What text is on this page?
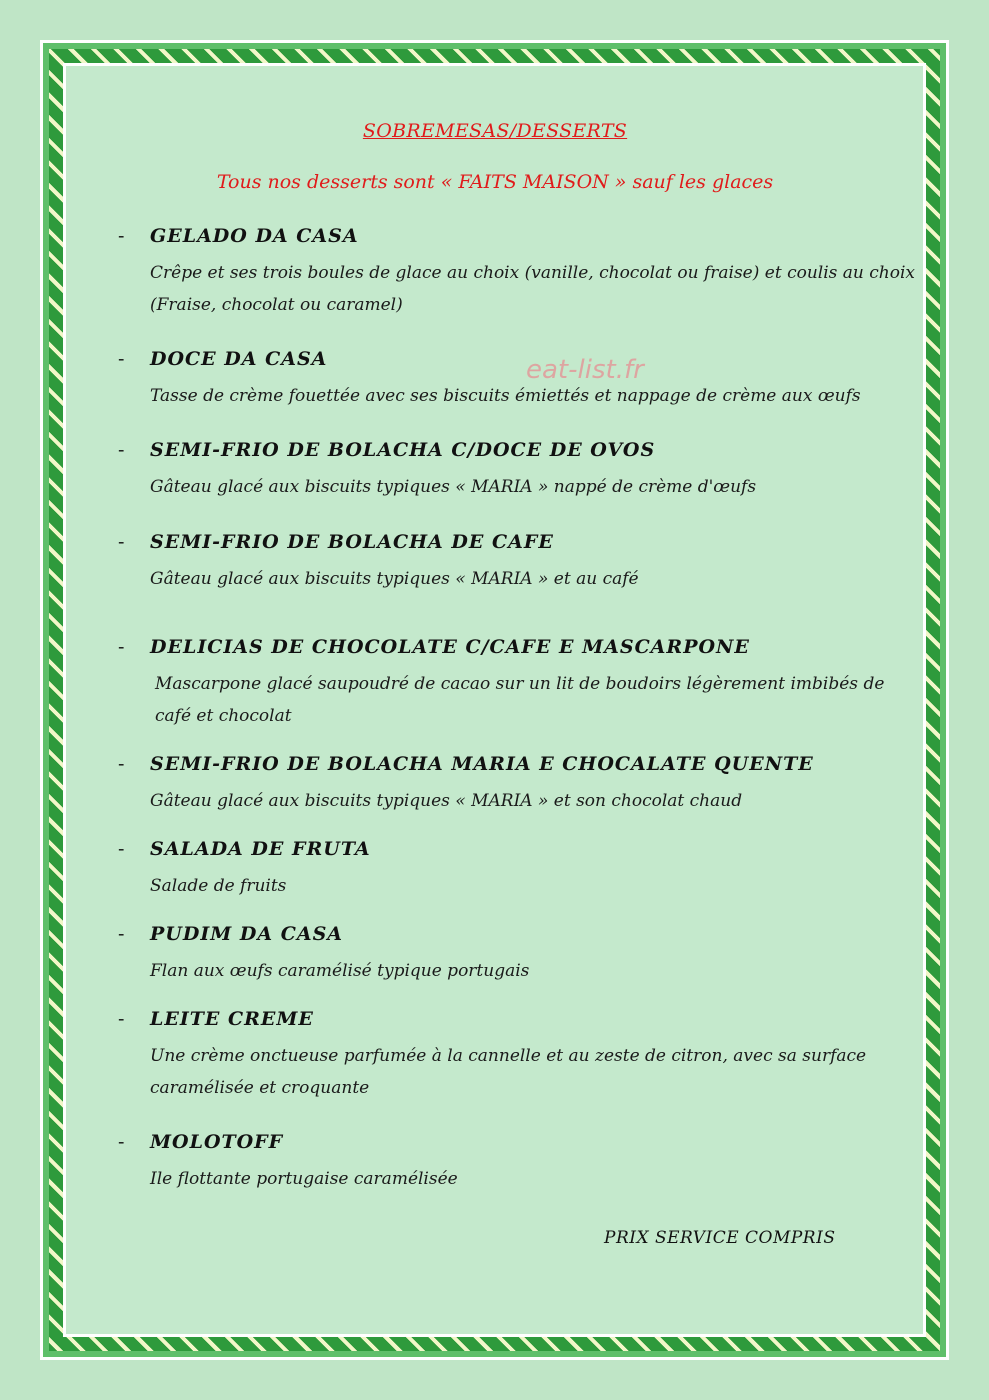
SOBREMESAS/DESSERTS
Tous nos desserts sont « FAITS MAISON » sauf les glaces
- GELADO DA CASA
Crêpe et ses trois boules de glace au choix (vanille, chocolat ou fraise) et coulis au choix (Fraise, chocolat ou caramel)
- DOCE DA CASA
Tasse de crème fouettée avec ses biscuits émiettés et nappage de crème aux œufs
- SEMI-FRIO DE BOLACHA C/DOCE DE OVOS
Gâteau glacé aux biscuits typiques « MARIA » nappé de crème d'œufs
- SEMI-FRIO DE BOLACHA DE CAFE
Gâteau glacé aux biscuits typiques « MARIA » et au café
- DELICIAS DE CHOCOLATE C/CAFE E MASCARPONE
Mascarpone glacé saupoudré de cacao sur un lit de boudoirs légèrement imbibés de café et chocolat
- SEMI-FRIO DE BOLACHA MARIA E CHOCALATE QUENTE
Gâteau glacé aux biscuits typiques « MARIA » et son chocolat chaud
- SALADA DE FRUTA
Salade de fruits
- PUDIM DA CASA
Flan aux œufs caramélisé typique portugais
- LEITE CREME
Une crème onctueuse parfumée à la cannelle et au zeste de citron, avec sa surface caramélisée et croquante
- MOLOTOFF
Ile flottante portugaise caramélisée
eat-list.fr
PRIX SERVICE COMPRIS
